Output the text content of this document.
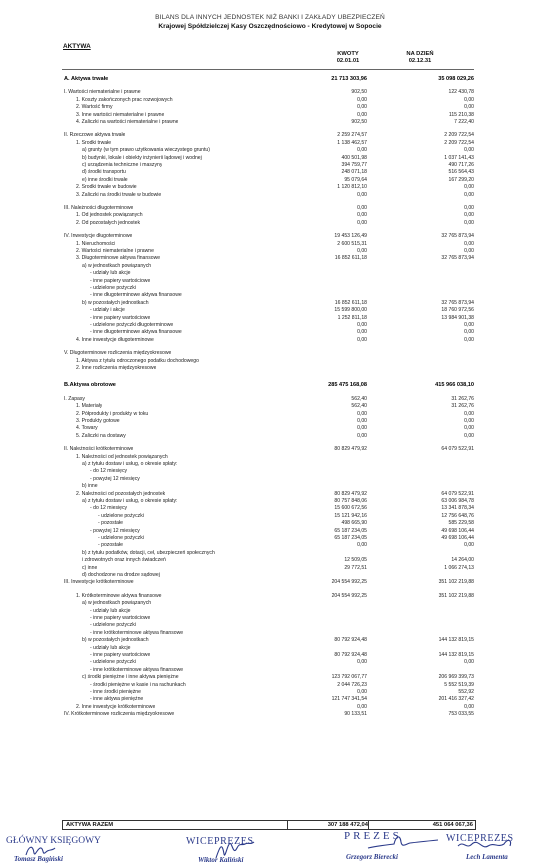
BILANS DLA INNYCH JEDNOSTEK NIŻ BANKI I ZAKŁADY UBEZPIECZEŃ
Krajowej Spółdzielczej Kasy Oszczędnościowo - Kredytowej w Sopocie
AKTYWA
KWOTY
02.01.01
NA DZIEŃ
02.12.31
A. Aktywa trwałe	21 713 303,96	35 098 029,26
I. Wartości niematerialne i prawne	902,50	122 430,78
1. Koszty zakończonych prac rozwojowych	0,00	0,00
2. Wartość firmy	0,00	0,00
3. Inne wartości niematerialne i prawne	0,00	115 210,38
4. Zaliczki na wartości niematerialne i prawne	902,50	7 222,40
II. Rzeczowe aktywa trwałe	2 259 274,57	2 209 722,54
1. Środki trwałe	1 138 462,57	2 209 722,54
a) grunty (w tym prawo użytkowania wieczystego gruntu)	0,00	0,00
b) budynki, lokale i obiekty inżynierii lądowej i wodnej	400 501,98	1 037 141,43
c) urządzenia techniczne i maszyny	394 759,77	490 717,26
d) środki transportu	248 071,18	516 564,43
e) inne środki trwałe	95 079,64	167 299,20
2. Środki trwałe w budowie	1 120 812,10	0,00
3. Zaliczki na środki trwałe w budowie	0,00	0,00
III. Należności długoterminowe	0,00	0,00
1. Od jednostek powiązanych	0,00	0,00
2. Od pozostałych jednostek	0,00	0,00
IV. Inwestycje długoterminowe	19 453 126,49	32 765 873,94
1. Nieruchomości	2 600 515,31	0,00
2. Wartości niematerialne i prawne	0,00	0,00
3. Długoterminowe aktywa finansowe	16 852 611,18	32 765 873,94
a) w jednostkach powiązanych
- udziały lub akcje
- inne papiery wartościowe
- udzielone pożyczki
- inne długoterminowe aktywa finansowe
b) w pozostałych jednostkach	16 852 611,18	32 765 873,94
- udziały i akcje	15 599 800,00	18 760 972,56
- inne papiery wartościowe	1 252 811,18	13 984 901,38
- udzielone pożyczki długoterminowe	0,00	0,00
- inne długoterminowe aktywa finansowe	0,00	0,00
4. Inne inwestycje długoterminowe	0,00	0,00
V. Długoterminowe rozliczenia międzyokresowe
1. Aktywa z tytułu odroczonego podatku dochodowego
2. Inne rozliczenia międzyokresowe
B.Aktywa obrotowe	285 475 168,08	415 966 038,10
I. Zapasy	562,40	31 262,76
1. Materiały	562,40	31 262,76
2. Półprodukty i produkty w toku	0,00	0,00
3. Produkty gotowe	0,00	0,00
4. Towary	0,00	0,00
5. Zaliczki na dostawy	0,00	0,00
II. Należności krótkoterminowe	80 829 479,92	64 079 522,91
1. Należności od jednostek powiązanych
a) z tytułu dostaw i usług, o okresie spłaty:
- do 12 miesięcy
- powyżej 12 miesięcy
b) inne
2. Należności od pozostałych jednostek	80 829 479,92	64 079 522,91
a) z tytułu dostaw i usług, o okresie spłaty:	80 757 848,06	63 006 984,78
- do 12 miesięcy	15 600 672,56	13 341 878,34
- udzielone pożyczki	15 121 942,16	12 756 648,76
- pozostałe	498 665,90	585 229,58
- powyżej 12 miesięcy	65 187 234,05	49 698 106,44
- udzielone pożyczki	65 187 234,05	49 698 106,44
- pozostałe	0,00	0,00
b) z tytułu podatków, dotacji, ceł, ubezpieczeń społecznych
i zdrowotnych oraz innych świadczeń	12 509,05	14 264,00
c) inne	29 772,51	1 066 274,13
d) dochodzone na drodze sądowej
III. Inwestycje krótkoterminowe	204 554 992,25	351 102 219,88
1. Krótkoterminowe aktywa finansowe	204 554 992,25	351 102 219,88
a) w jednostkach powiązanych
- udziały lub akcje
- inne papiery wartościowe
- udzielone pożyczki
- inne krótkoterminowe aktywa finansowe
b) w pozostałych jednostkach	80 792 924,48	144 132 819,15
- udziały lub akcje
- inne papiery wartościowe	80 792 924,48	144 132 819,15
- udzielone pożyczki	0,00	0,00
- inne krótkoterminowe aktywa finansowe
c) środki pieniężne i inne aktywa pieniężne	123 792 067,77	206 969 399,73
- środki pieniężne w kasie i na rachunkach	2 044 726,23	5 552 519,39
- inne środki pieniężne	0,00	552,92
- inne aktywa pieniężne	121 747 341,54	201 416 327,42
2. Inne inwestycje krótkoterminowe	0,00	0,00
IV. Krótkoterminowe rozliczenia międzyokresowe	90 133,51	753 033,55
AKTYWA RAZEM	307 188 472,04	451 064 067,36
GŁÓWNY KSIĘGOWY
Tomasz Bagiński
WICEPREZES
Wiktor Kaliński
PREZES
Grzegorz Bierecki
WICEPREZES
Lech Lamenta
